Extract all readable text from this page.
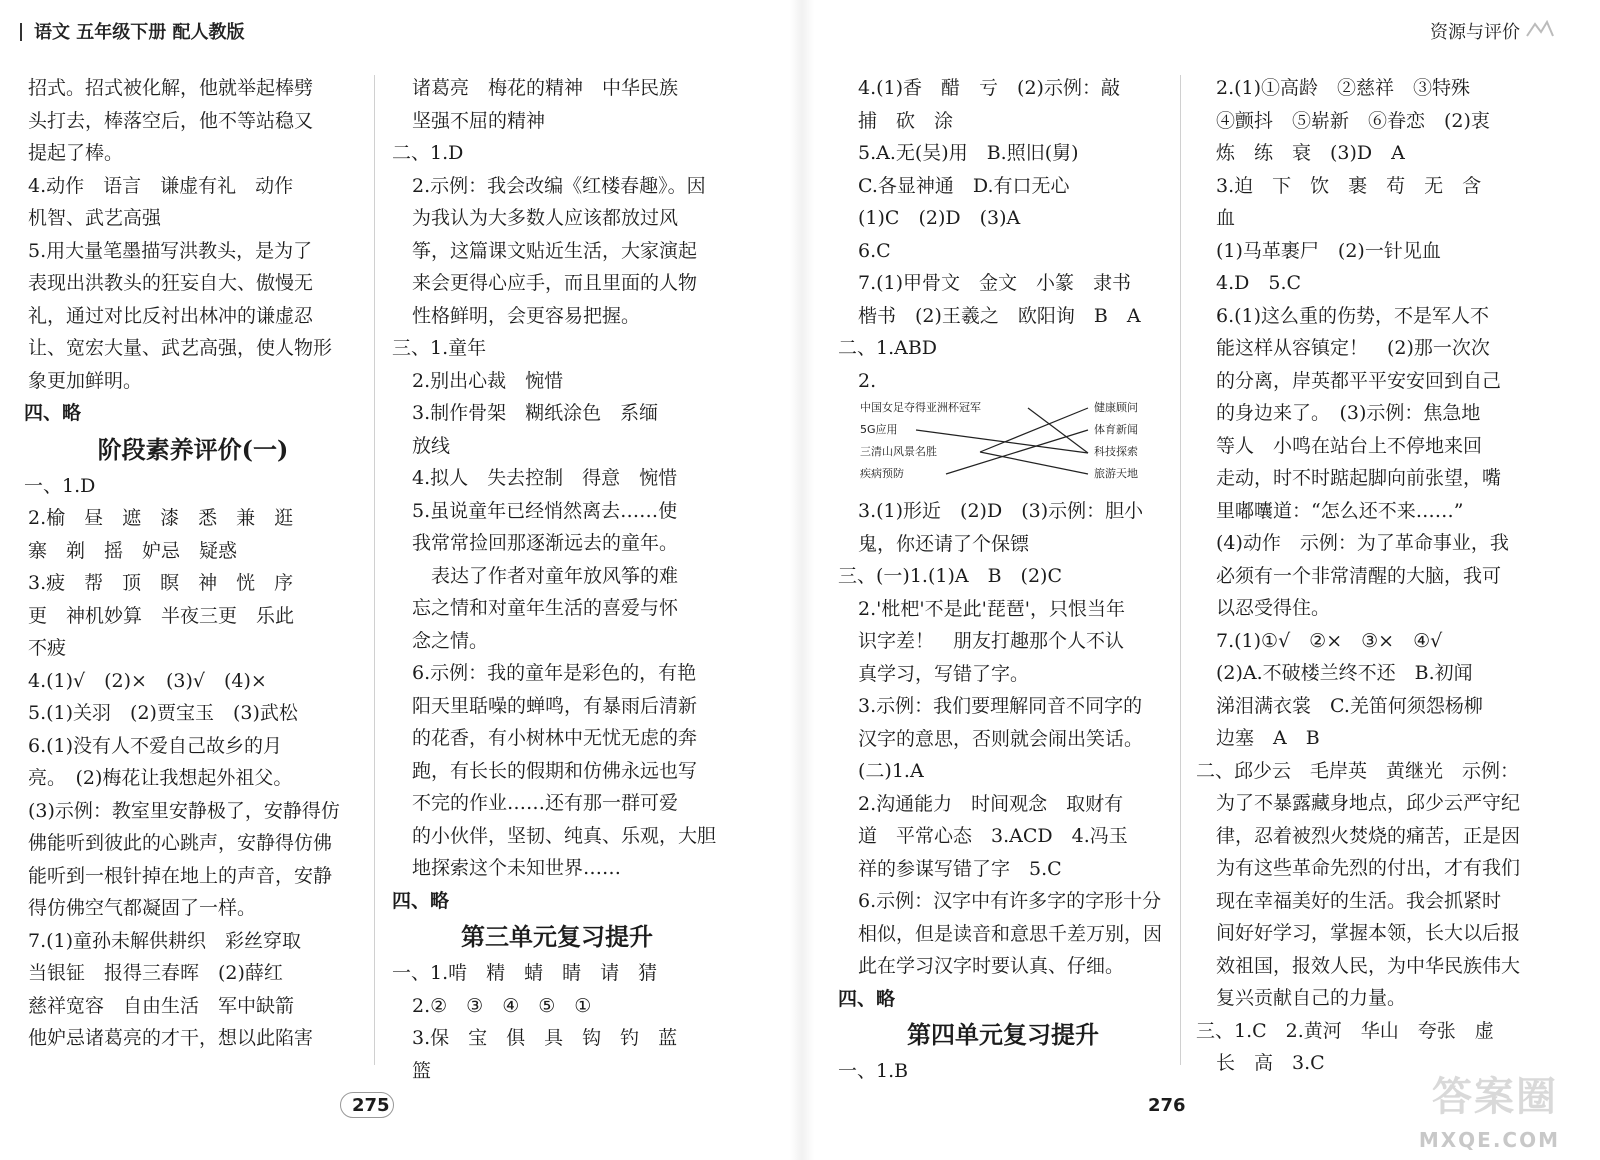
语文 五年级下册 配人教版	资源与评价
招式。招式被化解，他就举起棒劈
头打去，棒落空后，他不等站稳又
提起了棒。
4.动作　语言　谦虚有礼　动作
机智、武艺高强
5.用大量笔墨描写洪教头，是为了
表现出洪教头的狂妄自大、傲慢无
礼，通过对比反衬出林冲的谦虚忍
让、宽宏大量、武艺高强，使人物形
象更加鲜明。
四、略
阶段素养评价(一)
一、1.D
2.榆　昼　遮　漆　悉　兼　逛
寨　剃　摇　妒忌　疑惑
3.疲　帮　顶　瞑　神　恍　序
更　神机妙算　半夜三更　乐此
不疲
4.(1)√　(2)×　(3)√　(4)×
5.(1)关羽　(2)贾宝玉　(3)武松
6.(1)没有人不爱自己故乡的月
亮。　(2)梅花让我想起外祖父。
(3)示例：教室里安静极了，安静得仿
佛能听到彼此的心跳声，安静得仿佛
能听到一根针掉在地上的声音，安静
得仿佛空气都凝固了一样。
7.(1)童孙未解供耕织　彩丝穿取
当银钲　报得三春晖　(2)薛红
慈祥宽容　自由生活　军中缺箭
他妒忌诸葛亮的才干，想以此陷害
诸葛亮　梅花的精神　中华民族
坚强不屈的精神
二、1.D
2.示例：我会改编《红楼春趣》。因
为我认为大多数人应该都放过风
筝，这篇课文贴近生活，大家演起
来会更得心应手，而且里面的人物
性格鲜明，会更容易把握。
三、1.童年
2.别出心裁　惋惜
3.制作骨架　糊纸涂色　系缅
放线
4.拟人　失去控制　得意　惋惜
5.虽说童年已经悄然离去……使
我常常捡回那逐渐远去的童年。
　表达了作者对童年放风筝的难
忘之情和对童年生活的喜爱与怀
念之情。
6.示例：我的童年是彩色的，有艳
阳天里聒噪的蝉鸣，有暴雨后清新
的花香，有小树林中无忧无虑的奔
跑，有长长的假期和仿佛永远也写
不完的作业……还有那一群可爱
的小伙伴，坚韧、纯真、乐观，大胆
地探索这个未知世界……
四、略
第三单元复习提升
一、1.啃　精　蜻　睛　请　猜
2.②　③　④　⑤　①
3.保　宝　俱　具　钩　钓　蓝
篮
4.(1)香　醋　亏　(2)示例：敲
捕　砍　涂
5.A.无(吴)用　B.照旧(舅)
C.各显神通　D.有口无心
(1)C　(2)D　(3)A
6.C
7.(1)甲骨文　金文　小篆　隶书
楷书　(2)王羲之　欧阳询　B　A
二、1.ABD
2.
中国女足夺得亚洲杯冠军
5G应用
三清山风景名胜
疾病预防
健康顾问
体育新闻
科技探索
旅游天地
3.(1)形近　(2)D　(3)示例：胆小
鬼，你还请了个保镖
三、(一)1.(1)A　B　(2)C
2.'枇杷'不是此'琵琶'，只恨当年
识字差！　朋友打趣那个人不认
真学习，写错了字。
3.示例：我们要理解同音不同字的
汉字的意思，否则就会闹出笑话。
(二)1.A
2.沟通能力　时间观念　取财有
道　平常心态　3.ACD　4.冯玉
祥的参谋写错了字　5.C
6.示例：汉字中有许多字的字形十分
相似，但是读音和意思千差万别，因
此在学习汉字时要认真、仔细。
四、略
第四单元复习提升
一、1.B
2.(1)①高龄　②慈祥　③特殊
④颤抖　⑤崭新　⑥眷恋　(2)衷
炼　练　衰　(3)D　A
3.迫　下　饮　裹　苟　无　含
血
(1)马革裹尸　(2)一针见血
4.D　5.C
6.(1)这么重的伤势，不是军人不
能这样从容镇定！　(2)那一次次
的分离，岸英都平平安安回到自己
的身边来了。　(3)示例：焦急地
等人　小鸣在站台上不停地来回
走动，时不时踮起脚向前张望，嘴
里嘟囔道：“怎么还不来……”
(4)动作　示例：为了革命事业，我
必须有一个非常清醒的大脑，我可
以忍受得住。
7.(1)①√　②×　③×　④√
(2)A.不破楼兰终不还　B.初闻
涕泪满衣裳　C.羌笛何须怨杨柳
边塞　A　B
二、邱少云　毛岸英　黄继光　示例：
为了不暴露藏身地点，邱少云严守纪
律，忍着被烈火焚烧的痛苦，正是因
为有这些革命先烈的付出，才有我们
现在幸福美好的生活。我会抓紧时
间好好学习，掌握本领，长大以后报
效祖国，报效人民，为中华民族伟大
复兴贡献自己的力量。
三、1.C　2.黄河　华山　夸张　虚
长　高　3.C
275	276	答案圈
MXQE.COM
